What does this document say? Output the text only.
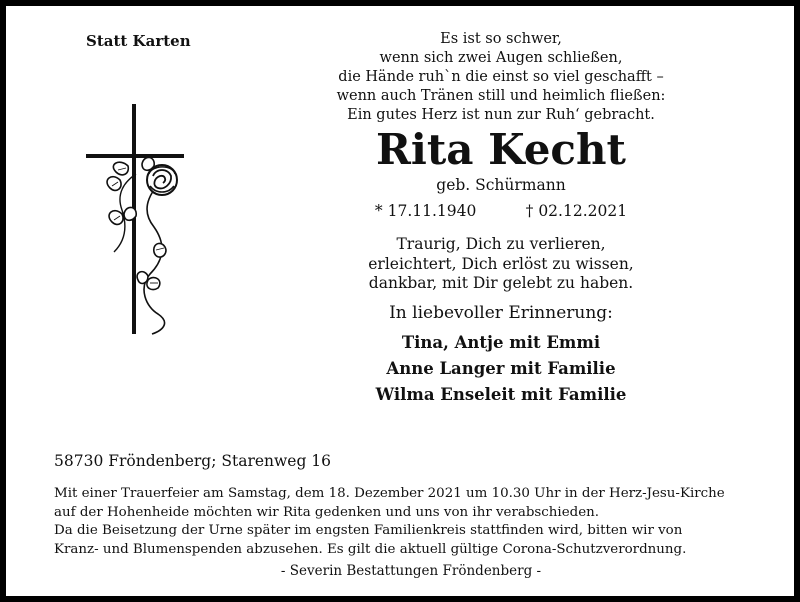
Statt Karten	Es ist so schwer,
wenn sich zwei Augen schließen,
die Hände ruh`n die einst so viel geschafft –
wenn auch Tränen still und heimlich fließen:
Ein gutes Herz ist nun zur Ruh‘ gebracht.
Rita Kecht
geb. Schürmann
* 17.11.1940	† 02.12.2021
Traurig, Dich zu verlieren,
erleichtert, Dich erlöst zu wissen,
dankbar, mit Dir gelebt zu haben.
In liebevoller Erinnerung:
Tina, Antje mit Emmi
Anne Langer mit Familie
Wilma Enseleit mit Familie
58730 Fröndenberg; Starenweg 16
Mit einer Trauerfeier am Samstag, dem 18. Dezember 2021 um 10.30 Uhr in der Herz-Jesu-Kirche
auf der Hohenheide möchten wir Rita gedenken und uns von ihr verabschieden.
Da die Beisetzung der Urne später im engsten Familienkreis stattfinden wird, bitten wir von
Kranz- und Blumenspenden abzusehen. Es gilt die aktuell gültige Corona-Schutzverordnung.
- Severin Bestattungen Fröndenberg -
